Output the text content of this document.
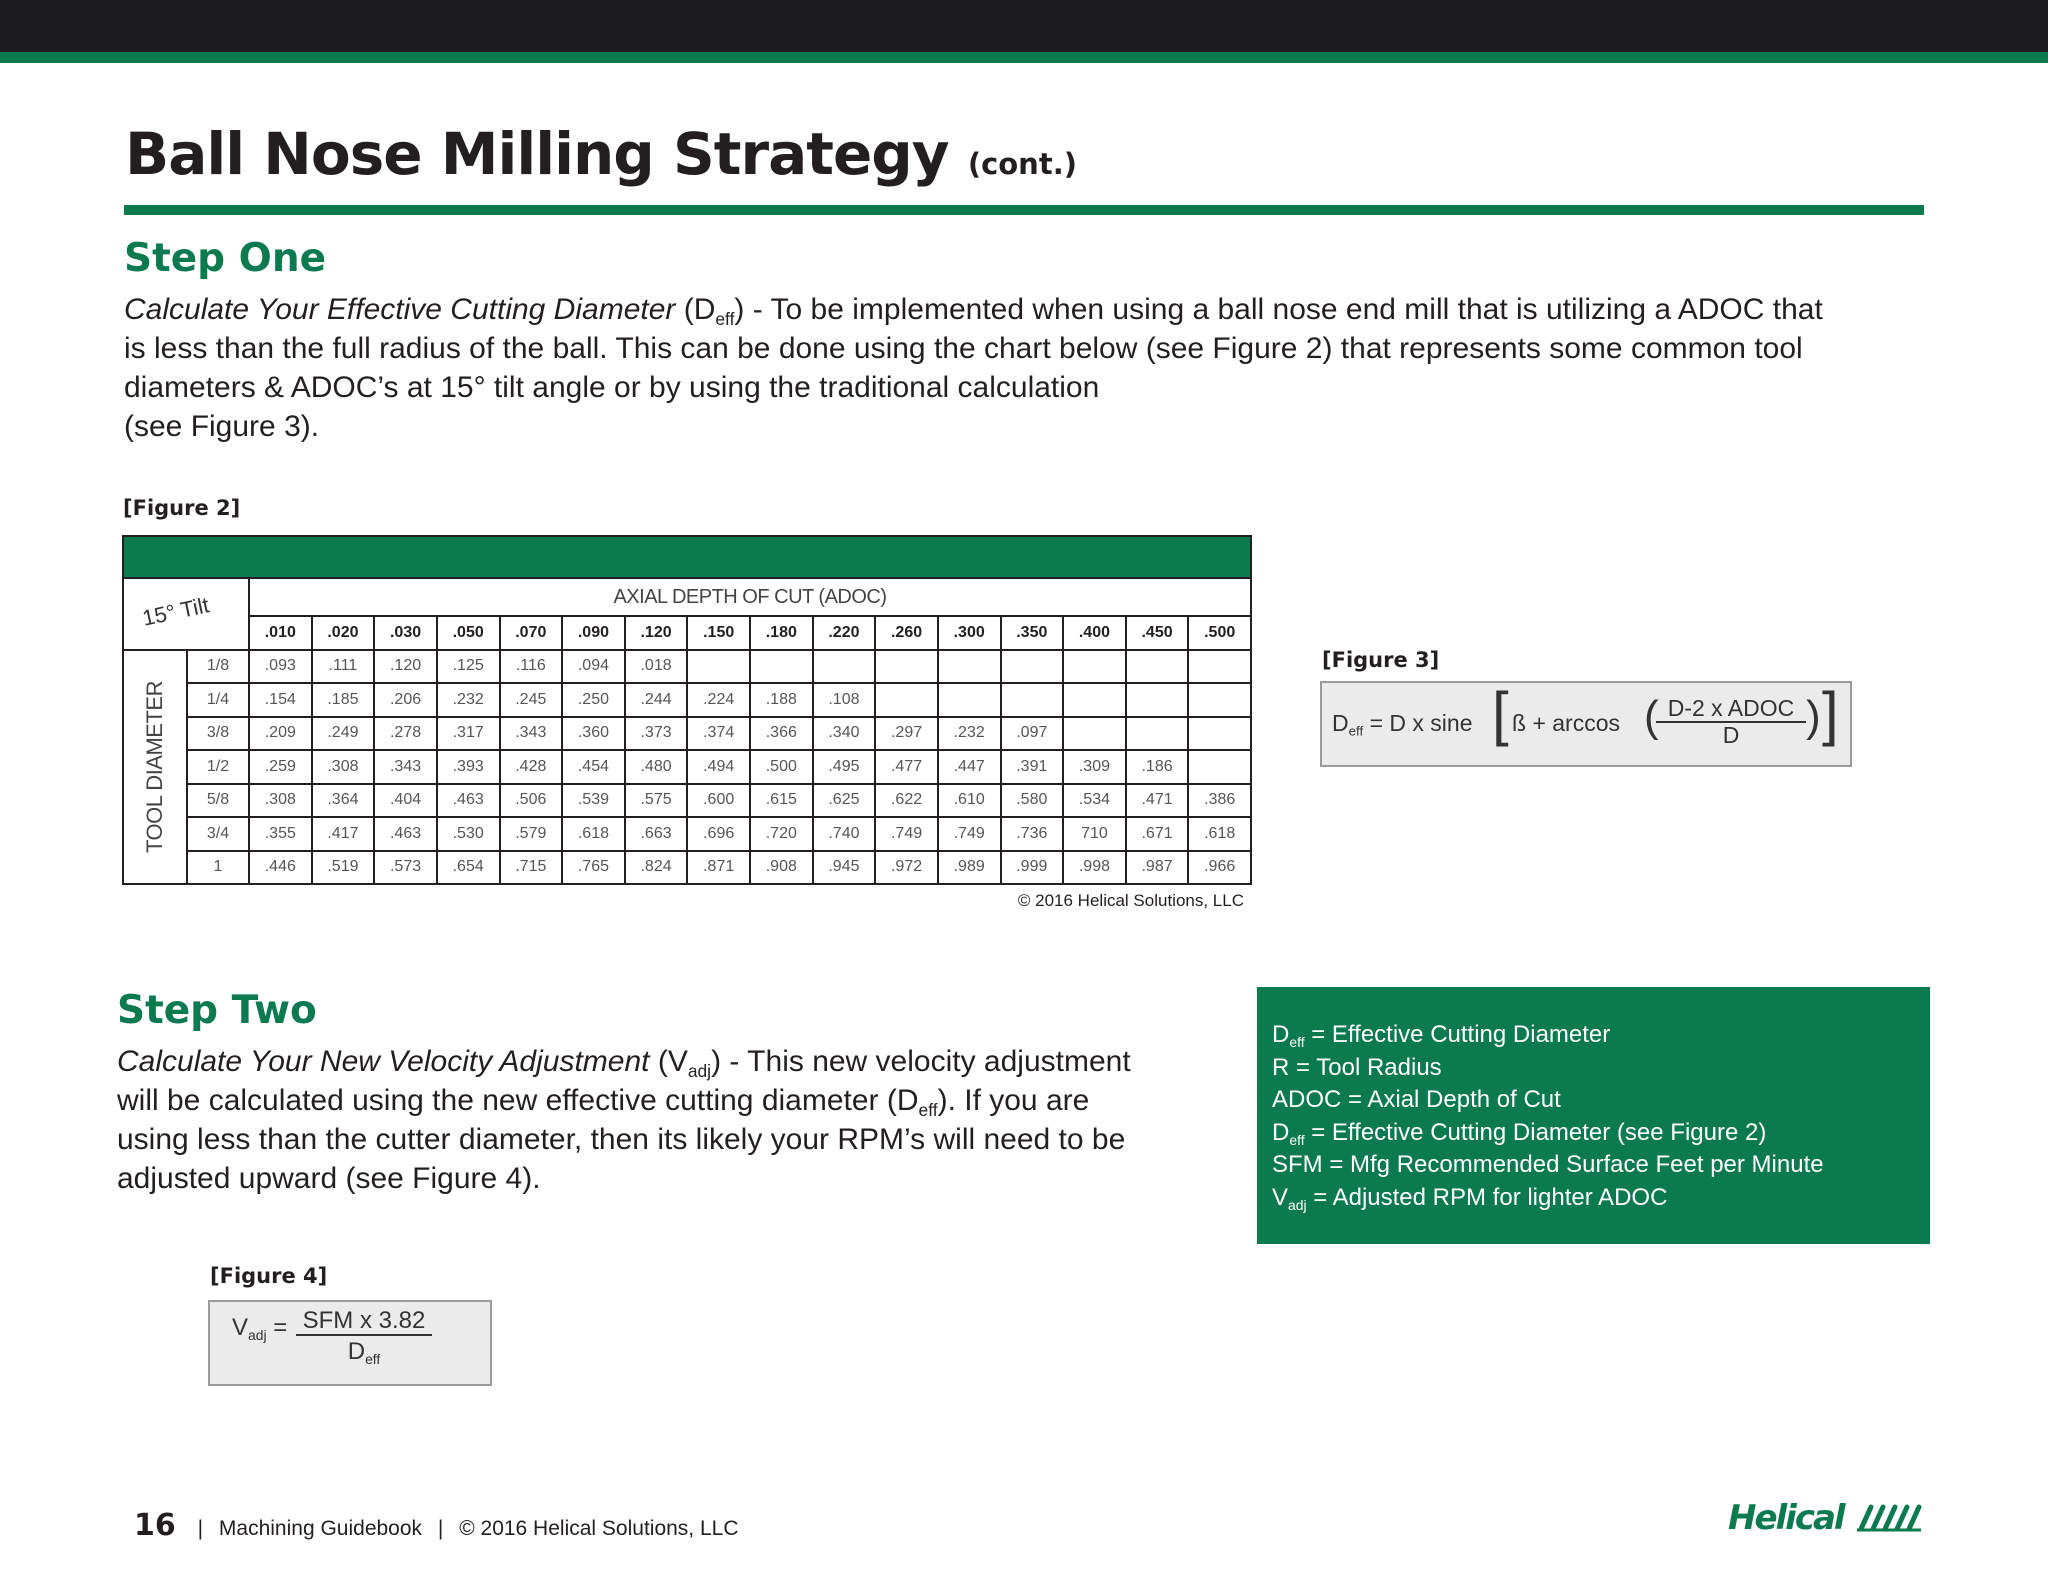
Ball Nose Milling Strategy (cont.)
Step One

Calculate Your Effective Cutting Diameter $(D_{eff})$ - To be implemented when using a ball nose end mill that is utilizing a ADOC that

is less than the full radius of the ball. This can be done using the chart below (see Figure 2) that represents some common tool

diameters & ADOC’s at 15° tilt angle or by using the traditional calculation

(see Figure 3).

[Figure 2]
15° Tilt		AXIAL DEPTH OF CUT (ADOC)															
		.010	.020	.030	.050	.070	.090	.120	.150	.180	.220	.260	.300	.350	.400	.450	.500

TOOL DIAMETER	1/8	.093	.111	.120	.125	.116	.094	.018									
	1/4	.154	.185	.206	.232	.245	.250	.244	.224	.188	.108						
	3/8	.209	.249	.278	.317	.343	.360	.373	.374	.366	.340	.297	.232	.097			
	1/2	.259	.308	.343	.393	.428	.454	.480	.494	.500	.495	.477	.447	.391	.309	.186	
	5/8	.308	.364	.404	.463	.506	.539	.575	.600	.615	.625	.622	.610	.580	.534	.471	.386
	3/4	.355	.417	.463	.530	.579	.618	.663	.696	.720	.740	.749	.749	.736	710	.671	.618
	1	.446	.519	.573	.654	.715	.765	.824	.871	.908	.945	.972	.989	.999	.998	.987	.966
© 2016 Helical Solutions, LLC
[Figure 3]
$D_{eff} = D$ x sine [ ß + arccos ( D-2 x ADOC
D	) ]
Step Two

Calculate Your New Velocity Adjustment $(V_{adj})$ - This new velocity adjustment

will be calculated using the new effective cutting diameter $(D_{eff})$. If you are

using less than the cutter diameter, then its likely your RPM’s will need to be

adjusted upward (see Figure 4).

$D_{eff}$ = Effective Cutting Diameter
R = Tool Radius
ADOC = Axial Depth of Cut
$D_{eff}$ = Effective Cutting Diameter (see Figure 2)
SFM = Mfg Recommended Surface Feet per Minute
$V_{adj}$ = Adjusted RPM for lighter ADOC
[Figure 4]
$V_{adj}$ = SFM x 3.82
$D_{eff}$
16 | Machining Guidebook | © 2016 Helical Solutions, LLC	Helical
